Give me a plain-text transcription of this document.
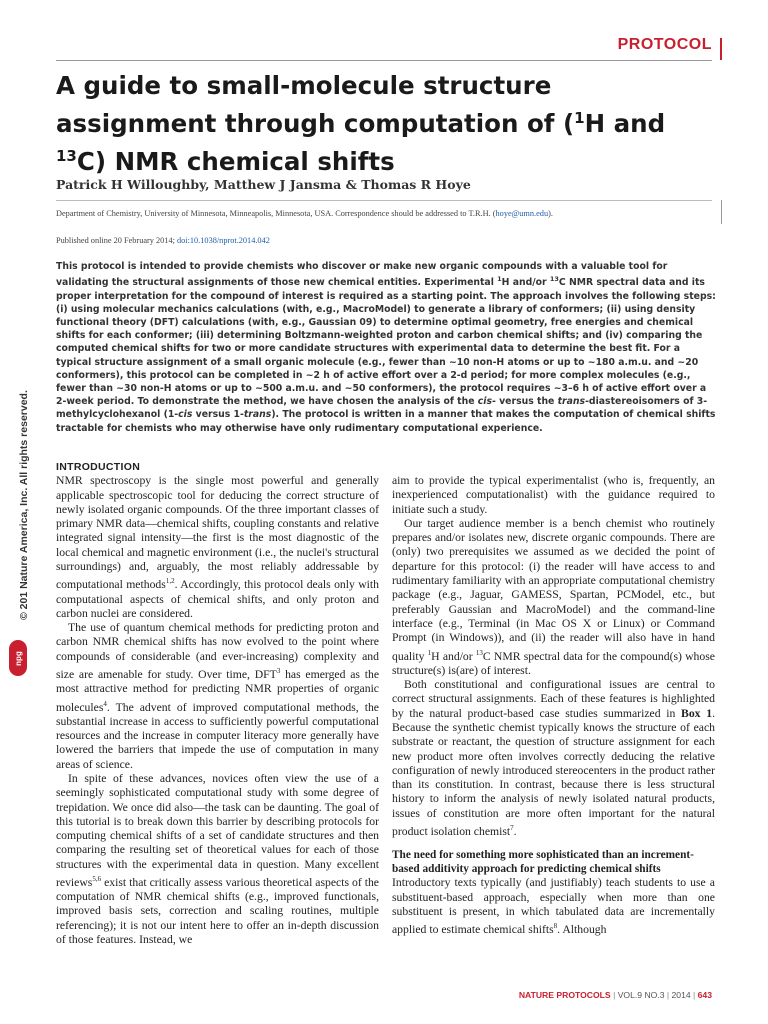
PROTOCOL
A guide to small-molecule structure assignment through computation of ($^1$H and $^{13}$C) NMR chemical shifts
Patrick H Willoughby, Matthew J Jansma & Thomas R Hoye
Department of Chemistry, University of Minnesota, Minneapolis, Minnesota, USA. Correspondence should be addressed to T.R.H. (hoye@umn.edu).
Published online 20 February 2014; doi:10.1038/nprot.2014.042

This protocol is intended to provide chemists who discover or make new organic compounds with a valuable tool for validating the structural assignments of those new chemical entities. Experimental $^1$H and/or $^{13}$C NMR spectral data and its proper interpretation for the compound of interest is required as a starting point. The approach involves the following steps: (i) using molecular mechanics calculations (with, e.g., MacroModel) to generate a library of conformers; (ii) using density functional theory (DFT) calculations (with, e.g., Gaussian 09) to determine optimal geometry, free energies and chemical shifts for each conformer; (iii) determining Boltzmann-weighted proton and carbon chemical shifts; and (iv) comparing the computed chemical shifts for two or more candidate structures with experimental data to determine the best fit. For a typical structure assignment of a small organic molecule (e.g., fewer than ~10 non-H atoms or up to ~180 a.m.u. and ~20 conformers), this protocol can be completed in ~2 h of active effort over a 2-d period; for more complex molecules (e.g., fewer than ~30 non-H atoms or up to ~500 a.m.u. and ~50 conformers), the protocol requires ~3–6 h of active effort over a 2-week period. To demonstrate the method, we have chosen the analysis of the cis- versus the trans-diastereoisomers of 3-methylcyclohexanol (1-cis versus 1-trans). The protocol is written in a manner that makes the computation of chemical shifts tractable for chemists who may otherwise have only rudimentary computational experience.

© 201 Nature America, Inc. All rights reserved.
npg

INTRODUCTION

NMR spectroscopy is the single most powerful and generally applicable spectroscopic tool for deducing the correct structure of newly isolated organic compounds. Of the three important classes of primary NMR data—chemical shifts, coupling constants and relative integrated signal intensity—the first is the most diagnostic of the local chemical and magnetic environment (i.e., the nuclei's structural surroundings) and, arguably, the most reliably addressable by computational methods$^{1,2}$. Accordingly, this protocol deals only with computational aspects of chemical shifts, and only proton and carbon nuclei are considered.

The use of quantum chemical methods for predicting proton and carbon NMR chemical shifts has now evolved to the point where compounds of considerable (and ever-increasing) complexity and size are amenable for study. Over time, DFT$^3$ has emerged as the most attractive method for predicting NMR properties of organic molecules$^4$. The advent of improved computational methods, the substantial increase in access to sufficiently powerful computational resources and the increase in computer literacy more generally have lowered the barriers that impede the use of computation in many areas of science.

In spite of these advances, novices often view the use of a seemingly sophisticated computational study with some degree of trepidation. We once did also—the task can be daunting. The goal of this tutorial is to break down this barrier by describing protocols for computing chemical shifts of a set of candidate structures and then comparing the resulting set of theoretical values for each of those structures with the experimental data in question. Many excellent reviews$^{5,6}$ exist that critically assess various theoretical aspects of the computation of NMR chemical shifts (e.g., improved functionals, improved basis sets, correction and scaling routines, multiple referencing); it is not our intent here to offer an in-depth discussion of those features. Instead, we

aim to provide the typical experimentalist (who is, frequently, an inexperienced computationalist) with the guidance required to initiate such a study.

Our target audience member is a bench chemist who routinely prepares and/or isolates new, discrete organic compounds. There are (only) two prerequisites we assumed as we decided the point of departure for this protocol: (i) the reader will have access to and rudimentary familiarity with an appropriate computational chemistry package (e.g., Jaguar, GAMESS, Spartan, PCModel, etc., but preferably Gaussian and MacroModel) and the command-line interface (e.g., Terminal (in Mac OS X or Linux) or Command Prompt (in Windows)), and (ii) the reader will also have in hand quality $^1$H and/or $^{13}$C NMR spectral data for the compound(s) whose structure(s) is(are) of interest.

Both constitutional and configurational issues are central to correct structural assignments. Each of these features is highlighted by the natural product-based case studies summarized in Box 1. Because the synthetic chemist typically knows the structure of each substrate or reactant, the question of structure assignment for each new product more often involves correctly deducing the relative configuration of newly introduced stereocenters in the product rather than its constitution. In contrast, because there is less structural history to inform the analysis of newly isolated natural products, issues of constitution are more often important for the natural product isolation chemist$^7$.

The need for something more sophisticated than an increment-based additivity approach for predicting chemical shifts

Introductory texts typically (and justifiably) teach students to use a substituent-based approach, especially when more than one substituent is present, in which tabulated data are incrementally applied to estimate chemical shifts$^8$. Although

NATURE PROTOCOLS | VOL.9 NO.3 | 2014 | 643
